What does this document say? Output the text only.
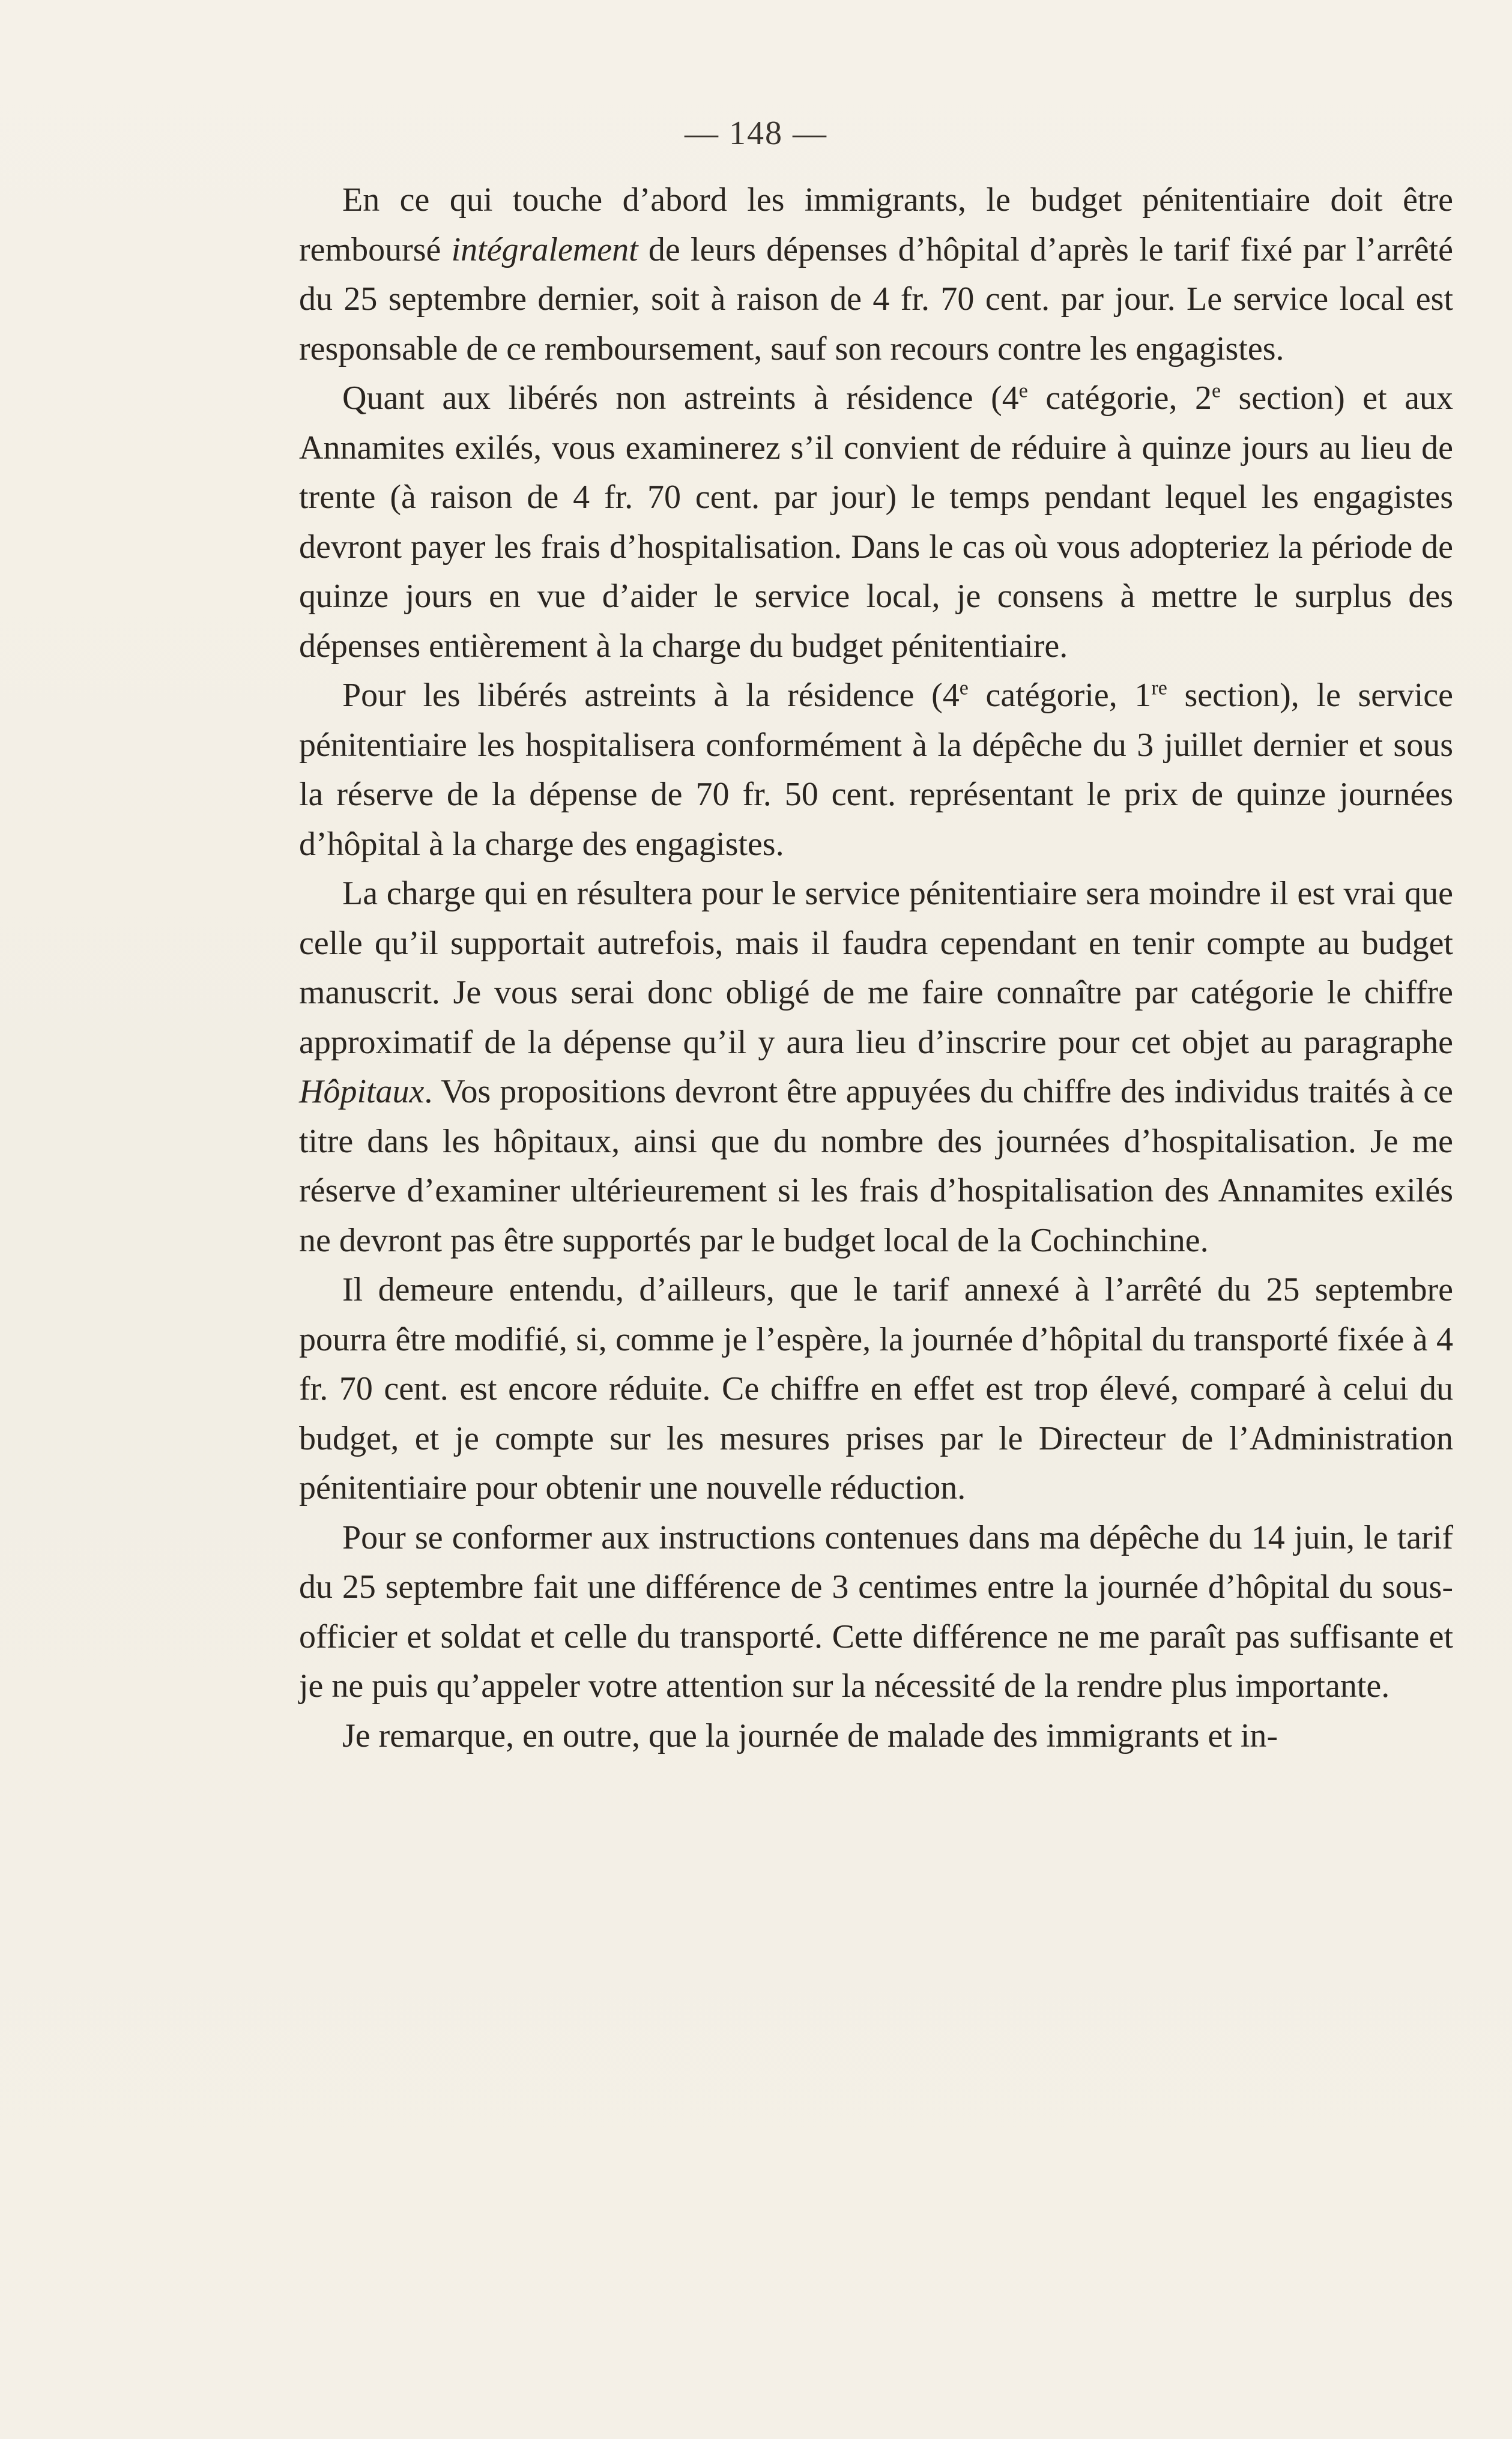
— 148 —

En ce qui touche d’abord les immigrants, le budget pénitentiaire doit être remboursé intégralement de leurs dépenses d’hôpital d’après le tarif fixé par l’arrêté du 25 septembre dernier, soit à raison de 4 fr. 70 cent. par jour. Le service local est responsable de ce remboursement, sauf son recours contre les engagistes.

Quant aux libérés non astreints à résidence (4e catégorie, 2e section) et aux Annamites exilés, vous examinerez s’il convient de réduire à quinze jours au lieu de trente (à raison de 4 fr. 70 cent. par jour) le temps pendant lequel les engagistes devront payer les frais d’hospitalisation. Dans le cas où vous adopteriez la période de quinze jours en vue d’aider le service local, je consens à mettre le surplus des dépenses entièrement à la charge du budget pénitentiaire.

Pour les libérés astreints à la résidence (4e catégorie, 1re section), le service pénitentiaire les hospitalisera conformément à la dépêche du 3 juillet dernier et sous la réserve de la dépense de 70 fr. 50 cent. représentant le prix de quinze journées d’hôpital à la charge des engagistes.

La charge qui en résultera pour le service pénitentiaire sera moindre il est vrai que celle qu’il supportait autrefois, mais il faudra cependant en tenir compte au budget manuscrit. Je vous serai donc obligé de me faire connaître par catégorie le chiffre approximatif de la dépense qu’il y aura lieu d’inscrire pour cet objet au paragraphe Hôpitaux. Vos propositions devront être appuyées du chiffre des individus traités à ce titre dans les hôpitaux, ainsi que du nombre des journées d’hospitalisation. Je me réserve d’examiner ultérieurement si les frais d’hospitalisation des Annamites exilés ne devront pas être supportés par le budget local de la Cochinchine.

Il demeure entendu, d’ailleurs, que le tarif annexé à l’arrêté du 25 septembre pourra être modifié, si, comme je l’espère, la journée d’hôpital du transporté fixée à 4 fr. 70 cent. est encore réduite. Ce chiffre en effet est trop élevé, comparé à celui du budget, et je compte sur les mesures prises par le Directeur de l’Administration pénitentiaire pour obtenir une nouvelle réduction.

Pour se conformer aux instructions contenues dans ma dépêche du 14 juin, le tarif du 25 septembre fait une différence de 3 centimes entre la journée d’hôpital du sous-officier et soldat et celle du transporté. Cette différence ne me paraît pas suffisante et je ne puis qu’appeler votre attention sur la nécessité de la rendre plus importante.

Je remarque, en outre, que la journée de malade des immigrants et in-
